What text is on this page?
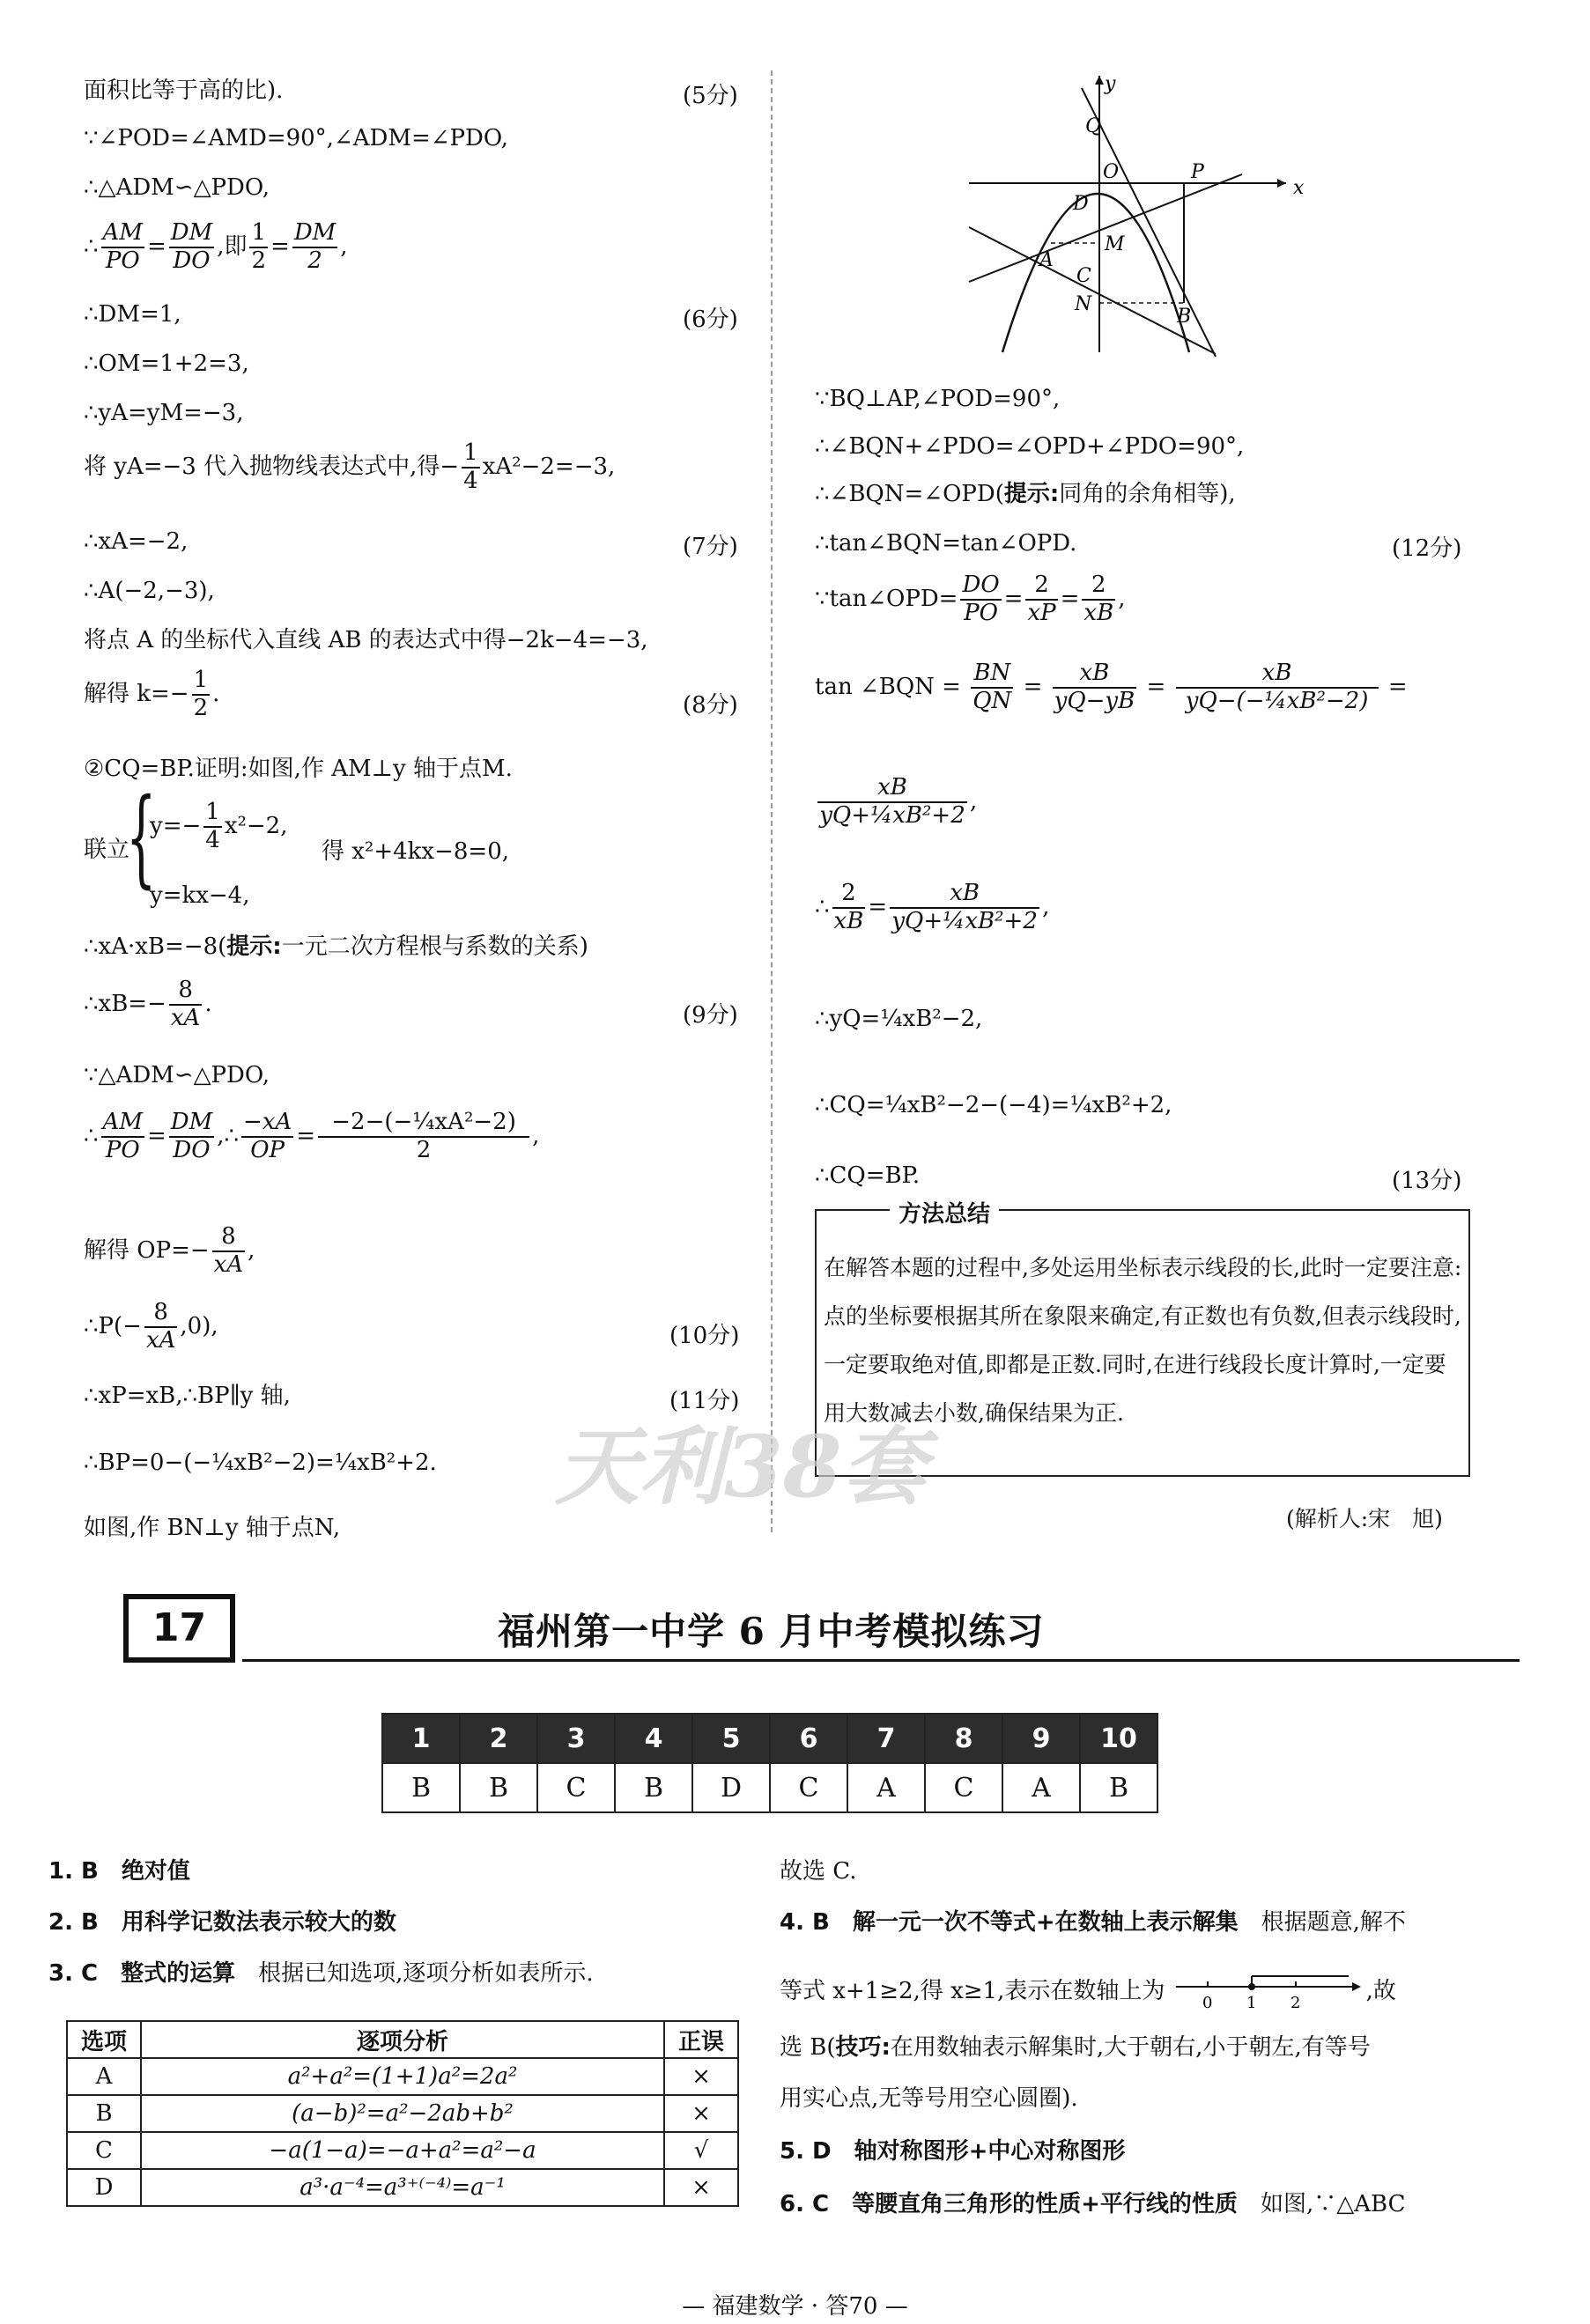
面积比等于高的比).	(5分)
∵∠POD=∠AMD=90°,∠ADM=∠PDO,
∴△ADM∽△PDO,
∴ $\frac{AM}{PO} = \frac{DM}{DO}$ ,即 $\frac{1}{2} = \frac{DM}{2}$ ,
∴DM=1,	(6分)
∴OM=1+2=3,
∴yA=yM=−3,
将 yA=−3 代入抛物线表达式中,得− $\frac{1}{4} xA^2-2=-3$,
∴xA=−2,	(7分)
∴A(−2,−3),
将点 A 的坐标代入直线 AB 的表达式中得−2k−4=−3,
解得 $k=- \frac{1}{2}$ .	(8分)
②CQ=BP.证明:如图,作 AM⊥y 轴于点M.
联立
{
$y=- \frac{1}{4} x^2-2$,
y=kx−4,
得 x²+4kx−8=0,
∴xA·xB=−8(提示:一元二次方程根与系数的关系)
∴xB=− $\frac{8}{xA}$ .	(9分)
∵△ADM∽△PDO,
∴ $\frac{AM}{PO} = \frac{DM}{DO}$ ,∴ $\frac{-xA}{OP} = \frac{\text{−2−(−¼xA²−2)}}{2}$ ,
解得 $OP=- \frac{8}{xA}$ ,
∴P(− $\frac{8}{xA} ,0$),	(10分)
∴xP=xB,∴BP∥y 轴,	(11分)
∴BP=0−(−¼xB²−2)=¼xB²+2.
如图,作 BN⊥y 轴于点N,
y
x
Q
O	P
D
M
A
C
N
B
∵BQ⊥AP,∠POD=90°,
∴∠BQN+∠PDO=∠OPD+∠PDO=90°,
∴∠BQN=∠OPD(提示:同角的余角相等),
∴tan∠BQN=tan∠OPD.	(12分)
∵tan∠OPD= $\frac{DO}{PO} = \frac{2}{xP} = \frac{2}{xB}$ ,
tan ∠BQN = $\frac{BN}{QN} = \frac{xB}{yQ-yB} = \frac{xB}{\text{yQ−(−¼xB²−2)}}$ =
$\frac{xB}{\text{yQ+¼xB²+2}}$ ,
∴ $\frac{2}{xB} = \frac{xB}{\text{yQ+¼xB²+2}}$ ,
∴yQ=¼xB²−2,
∴CQ=¼xB²−2−(−4)=¼xB²+2,
∴CQ=BP.	(13分)
方法总结
在解答本题的过程中,多处运用坐标表示线段的长,此时一定要注意:点的坐标要根据其所在象限来确定,有正数也有负数,但表示线段时,一定要取绝对值,即都是正数.同时,在进行线段长度计算时,一定要用大数减去小数,确保结果为正.
天利38套
(解析人:宋　旭)
17	福州第一中学 6 月中考模拟练习
1	2	3	4	5	6	7	8	9	10
B	B	C	B	D	C	A	C	A	B
1. B　 绝对值
2. B　 用科学记数法表示较大的数
3. C　 整式的运算　 根据已知选项,逐项分析如表所示.
选项	逐项分析	正误
A	a²+a²=(1+1)a²=2a²	×
B	(a−b)²=a²−2ab+b²	×
C	−a(1−a)=−a+a²=a²−a	√
D	a³·a⁻⁴=a³⁺⁽⁻⁴⁾=a⁻¹	×
故选 C.
4. B　 解一元一次不等式+在数轴上表示解集　 根据题意,解不
等式 x+1≥2,得 x≥1,表示在数轴上为 0 1 2	,故
选 B(技巧:在用数轴表示解集时,大于朝右,小于朝左,有等号
用实心点,无等号用空心圆圈).
5. D　 轴对称图形+中心对称图形
6. C　 等腰直角三角形的性质+平行线的性质　 如图,∵△ABC
— 福建数学 · 答70 —
